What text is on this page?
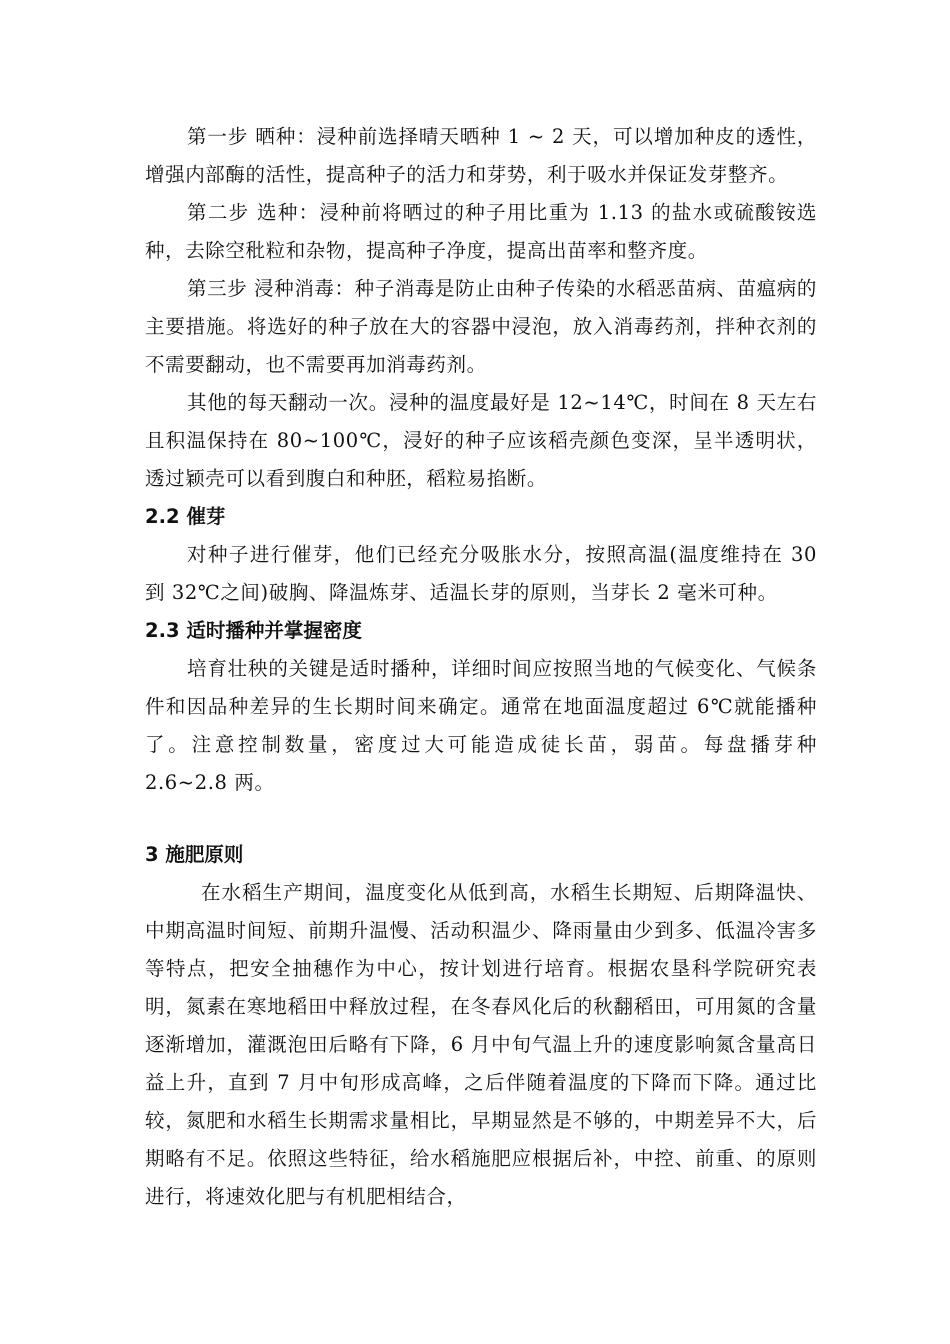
第一步 晒种：浸种前选择晴天晒种 1 ~ 2 天，可以增加种皮的透性，增强内部酶的活性，提高种子的活力和芽势，利于吸水并保证发芽整齐。

第二步 选种：浸种前将晒过的种子用比重为 1.13 的盐水或硫酸铵选种，去除空秕粒和杂物，提高种子净度，提高出苗率和整齐度。

第三步 浸种消毒：种子消毒是防止由种子传染的水稻恶苗病、苗瘟病的主要措施。将选好的种子放在大的容器中浸泡，放入消毒药剂，拌种衣剂的不需要翻动，也不需要再加消毒药剂。

其他的每天翻动一次。浸种的温度最好是 12~14℃，时间在 8 天左右且积温保持在 80~100℃，浸好的种子应该稻壳颜色变深，呈半透明状，透过颖壳可以看到腹白和种胚，稻粒易掐断。

2.2 催芽

对种子进行催芽，他们已经充分吸胀水分，按照高温(温度维持在 30 到 32℃之间)破胸、降温炼芽、适温长芽的原则，当芽长 2 毫米可种。

2.3 适时播种并掌握密度

培育壮秧的关键是适时播种，详细时间应按照当地的气候变化、气候条件和因品种差异的生长期时间来确定。通常在地面温度超过 6℃就能播种了。注意控制数量，密度过大可能造成徒长苗，弱苗。每盘播芽种 2.6~2.8 两。

3 施肥原则

在水稻生产期间，温度变化从低到高，水稻生长期短、后期降温快、中期高温时间短、前期升温慢、活动积温少、降雨量由少到多、低温冷害多等特点，把安全抽穗作为中心，按计划进行培育。根据农垦科学院研究表明，氮素在寒地稻田中释放过程，在冬春风化后的秋翻稻田，可用氮的含量逐渐增加，灌溉泡田后略有下降，6 月中旬气温上升的速度影响氮含量高日益上升，直到 7 月中旬形成高峰，之后伴随着温度的下降而下降。通过比较，氮肥和水稻生长期需求量相比，早期显然是不够的，中期差异不大，后期略有不足。依照这些特征，给水稻施肥应根据后补，中控、前重、的原则进行，将速效化肥与有机肥相结合，
